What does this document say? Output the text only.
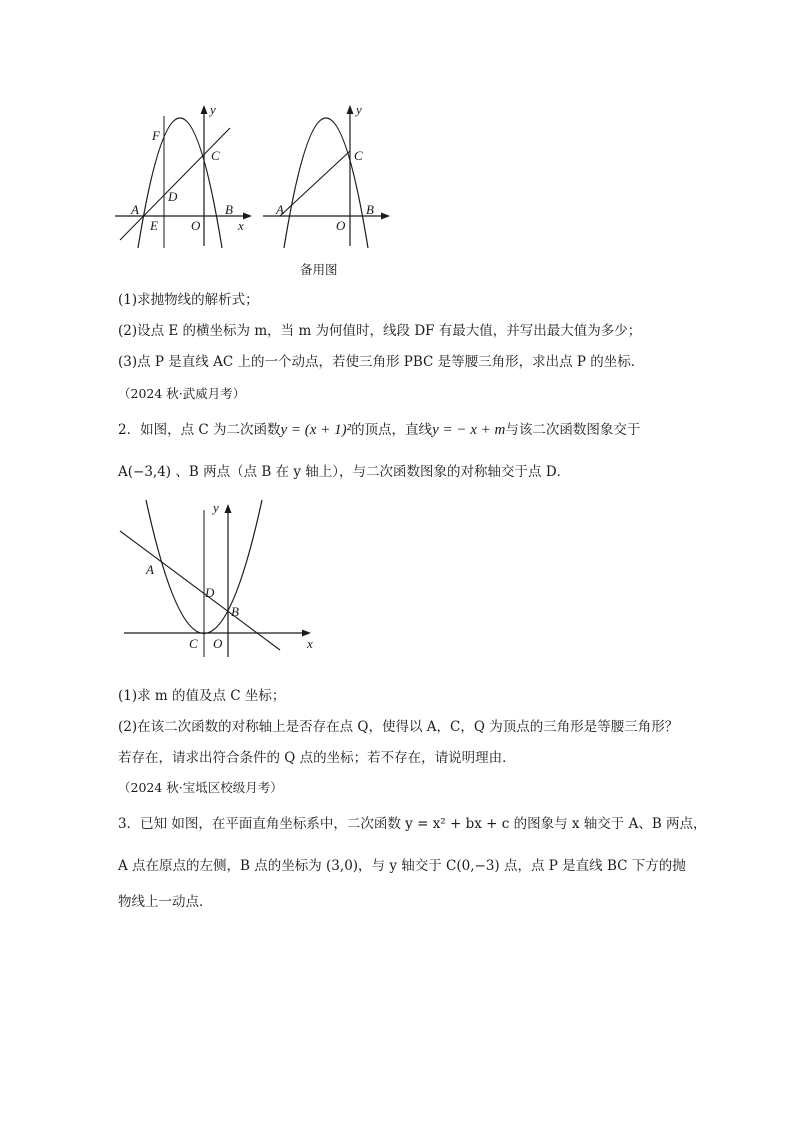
y
x
F
C
D
A
E	O
B
y
C
A
O
B
备用图
(1)求抛物线的解析式；
(2)设点 E 的横坐标为 m，当 m 为何值时，线段 DF 有最大值，并写出最大值为多少；
(3)点 P 是直线 AC 上的一个动点，若使三角形 PBC 是等腰三角形，求出点 P 的坐标．
（2024 秋·武威月考）
2．如图，点 C 为二次函数y = (x + 1)²的顶点，直线y = − x + m与该二次函数图象交于
A(−3,4) 、B 两点（点 B 在 y 轴上），与二次函数图象的对称轴交于点 D．
y
x
A
D
B
C O
(1)求 m 的值及点 C 坐标；
(2)在该二次函数的对称轴上是否存在点 Q，使得以 A，C，Q 为顶点的三角形是等腰三角形？
若存在，请求出符合条件的 Q 点的坐标；若不存在，请说明理由．
（2024 秋·宝坻区校级月考）
3．已知 如图，在平面直角坐标系中，二次函数 y = x² + bx + c 的图象与 x 轴交于 A、B 两点，
A 点在原点的左侧，B 点的坐标为 (3,0)，与 y 轴交于 C(0,−3) 点，点 P 是直线 BC 下方的抛
物线上一动点．
